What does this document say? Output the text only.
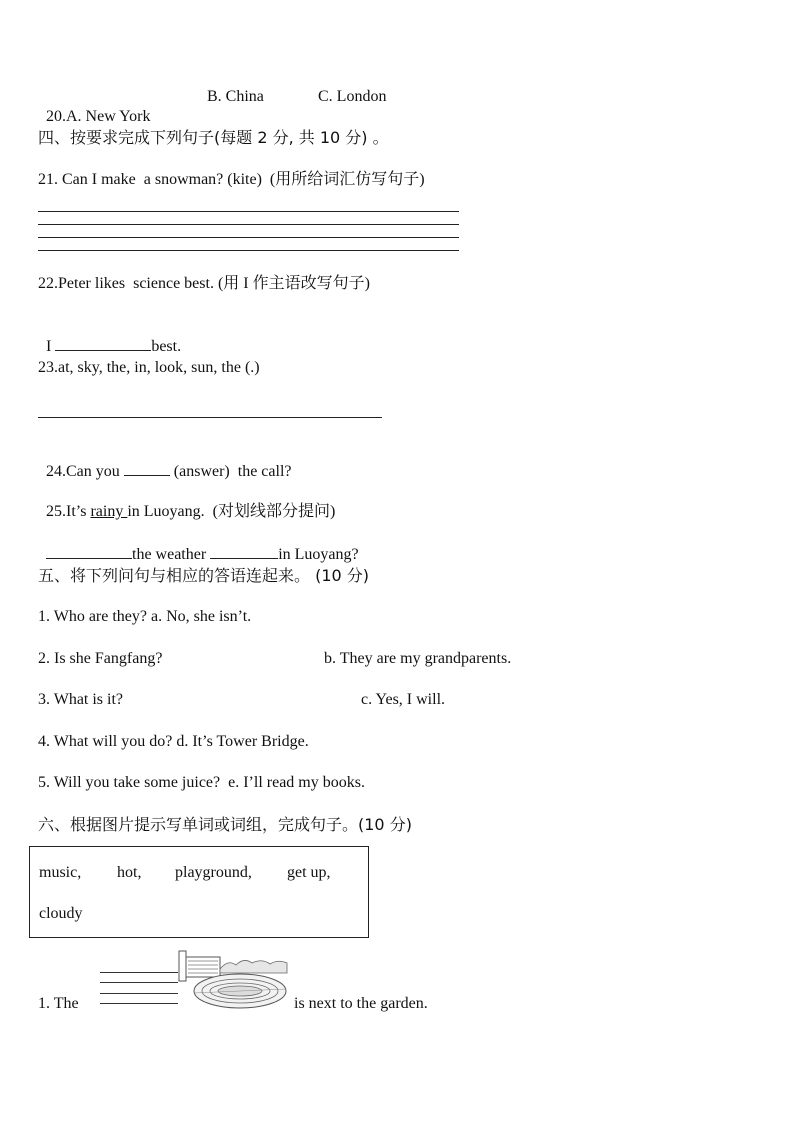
20.A. New York

B. China	C. London
四、按要求完成下列句子(每题 2 分, 共 10 分) 。
21. Can I make  a snowman? (kite)  (用所给词汇仿写句子)
22.Peter likes  science best. (用 I 作主语改写句子)

I	best.

23.at, sky, the, in, look, sun, the (.)

24.Can you	(answer)  the call?

25.It’s rainy in Luoyang.  (对划线部分提问)

the weather	in Luoyang?

五、将下列问句与相应的答语连起来。 (10 分)
1. Who are they? a. No, she isn’t.
2. Is she Fangfang?	b. They are my grandparents.
3. What is it?	c. Yes, I will.
4. What will you do? d. It’s Tower Bridge.
5. Will you take some juice?  e. I’ll read my books.
六、根据图片提示写单词或词组，完成句子。(10 分)
music, hot, playground, get up,
cloudy
1. The	is next to the garden.
